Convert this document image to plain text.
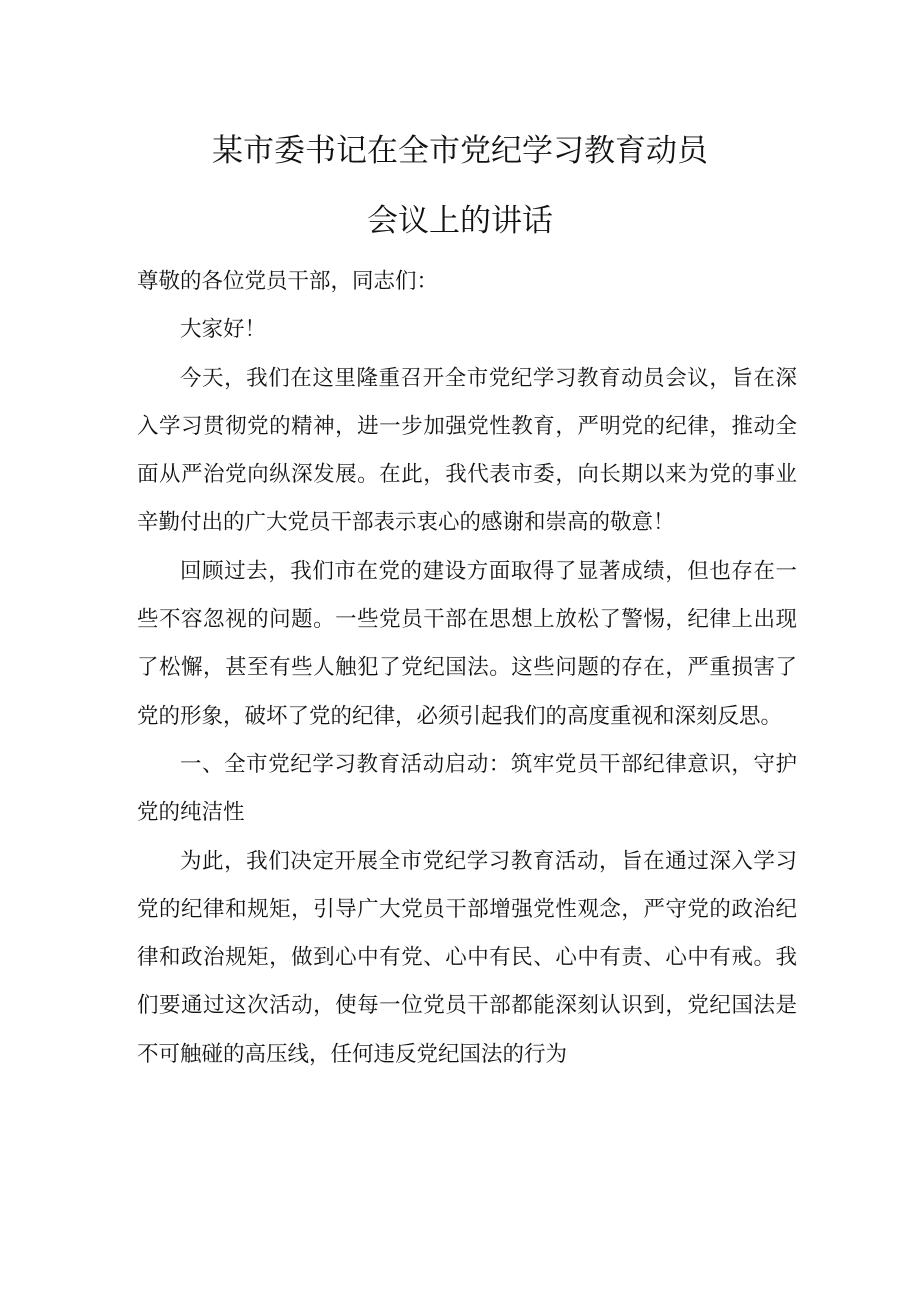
某市委书记在全市党纪学习教育动员
会议上的讲话

尊敬的各位党员干部，同志们：

大家好！

今天，我们在这里隆重召开全市党纪学习教育动员会议，旨在深入学习贯彻党的精神，进一步加强党性教育，严明党的纪律，推动全面从严治党向纵深发展。在此，我代表市委，向长期以来为党的事业辛勤付出的广大党员干部表示衷心的感谢和崇高的敬意！

回顾过去，我们市在党的建设方面取得了显著成绩，但也存在一些不容忽视的问题。一些党员干部在思想上放松了警惕，纪律上出现了松懈，甚至有些人触犯了党纪国法。这些问题的存在，严重损害了党的形象，破坏了党的纪律，必须引起我们的高度重视和深刻反思。

一、全市党纪学习教育活动启动：筑牢党员干部纪律意识，守护党的纯洁性

为此，我们决定开展全市党纪学习教育活动，旨在通过深入学习党的纪律和规矩，引导广大党员干部增强党性观念，严守党的政治纪律和政治规矩，做到心中有党、心中有民、心中有责、心中有戒。我们要通过这次活动，使每一位党员干部都能深刻认识到，党纪国法是不可触碰的高压线，任何违反党纪国法的行为
